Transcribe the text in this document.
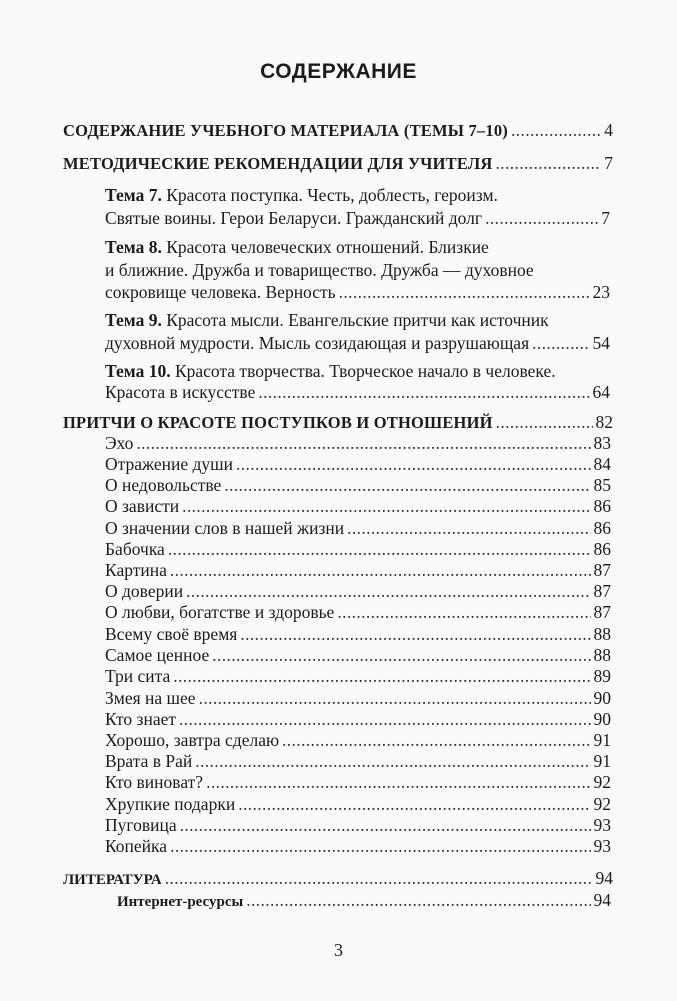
СОДЕРЖАНИЕ
СОДЕРЖАНИЕ УЧЕБНОГО МАТЕРИАЛА (ТЕМЫ 7–10) . . .	4
МЕТОДИЧЕСКИЕ РЕКОМЕНДАЦИИ ДЛЯ УЧИТЕЛЯ . . .	7
Тема 7. Красота поступка. Честь, доблесть, героизм.
Святые воины. Герои Беларуси. Гражданский долг . . .	7
Тема 8. Красота человеческих отношений. Близкие
и ближние. Дружба и товарищество. Дружба — духовное
сокровище человека. Верность . . .	23
Тема 9. Красота мысли. Евангельские притчи как источник
духовной мудрости. Мысль созидающая и разрушающая . . .	54
Тема 10. Красота творчества. Творческое начало в человеке.
Красота в искусстве . . .	64
ПРИТЧИ О КРАСОТЕ ПОСТУПКОВ И ОТНОШЕНИЙ . . .	82
Эхо . . .	83
Отражение души . . .	84
О недовольстве . . .	85
О зависти . . .	86
О значении слов в нашей жизни . . .	86
Бабочка . . .	86
Картина . . .	87
О доверии . . .	87
О любви, богатстве и здоровье . . .	87
Всему своё время . . .	88
Самое ценное . . .	88
Три сита . . .	89
Змея на шее . . .	90
Кто знает . . .	90
Хорошо, завтра сделаю . . .	91
Врата в Рай . . .	91
Кто виноват? . . .	92
Хрупкие подарки . . .	92
Пуговица . . .	93
Копейка . . .	93
ЛИТЕРАТУРА . . .	94
Интернет-ресурсы . . .	94
3
